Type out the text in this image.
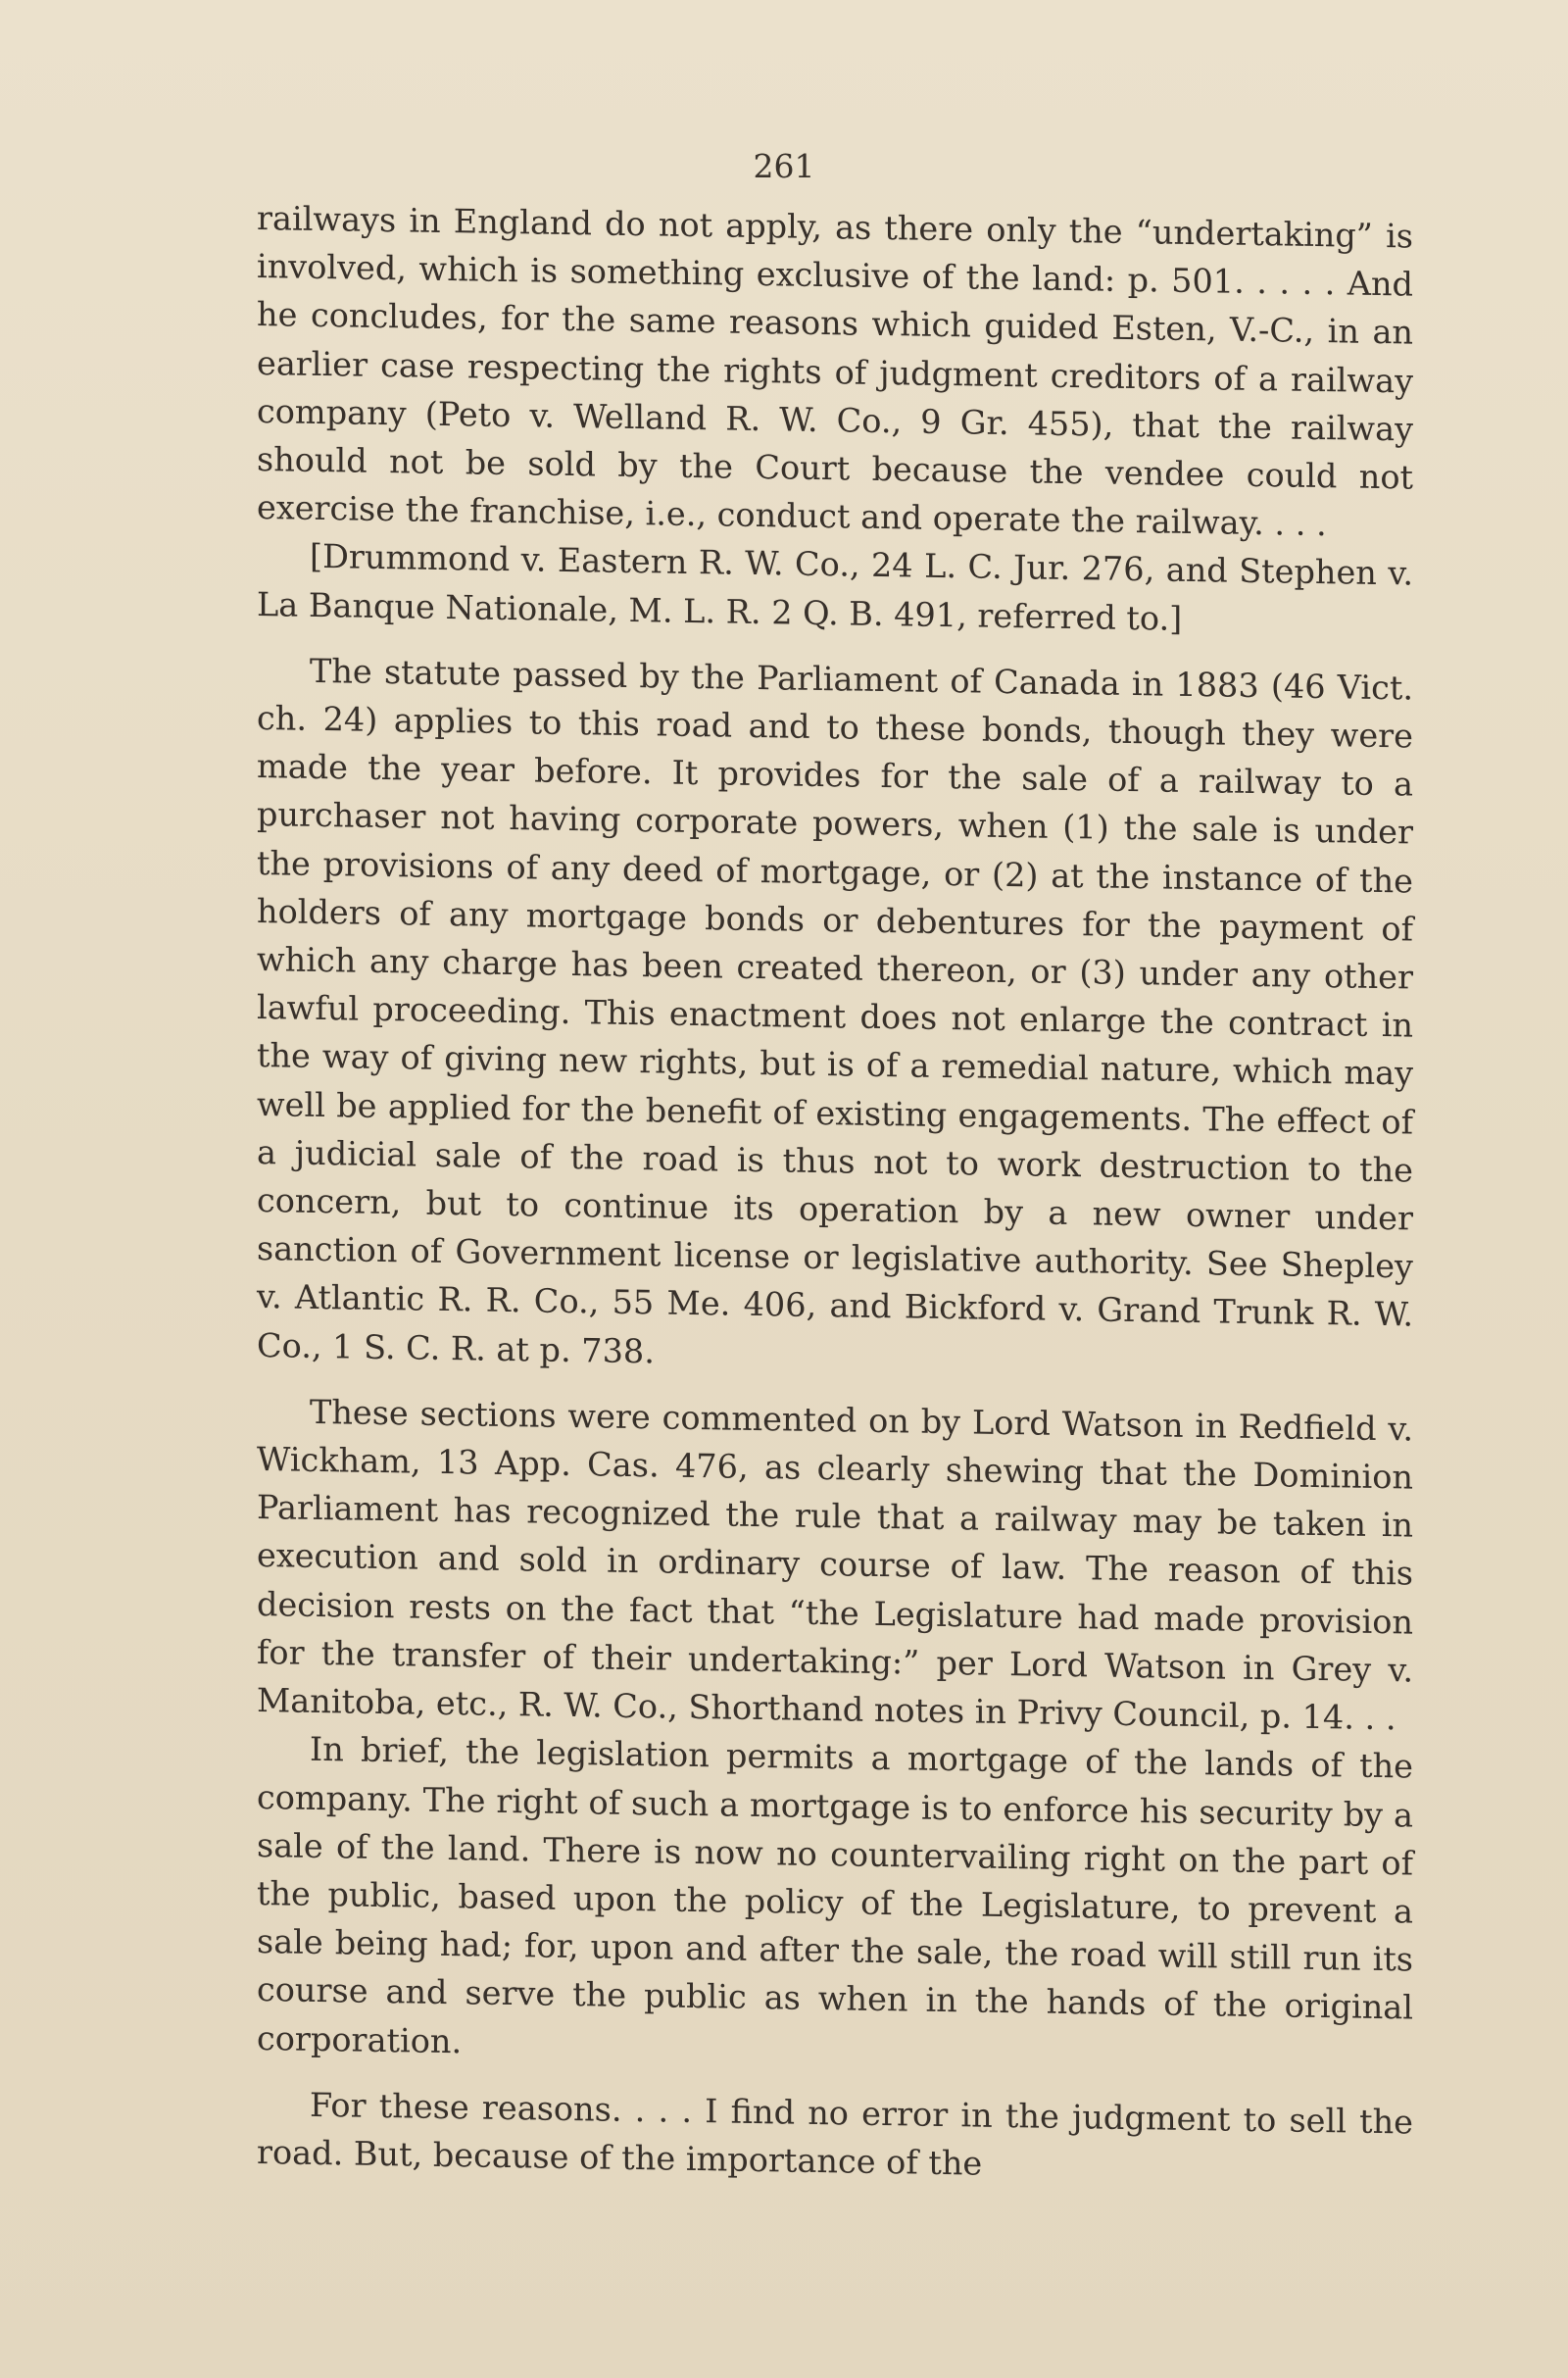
261

railways in England do not apply, as there only the “undertaking” is involved, which is something exclusive of the land: p. 501. . . . . And he concludes, for the same reasons which guided Esten, V.-C., in an earlier case respecting the rights of judgment creditors of a railway company (Peto v. Welland R. W. Co., 9 Gr. 455), that the railway should not be sold by the Court because the vendee could not exercise the franchise, i.e., conduct and operate the railway. . . .

[Drummond v. Eastern R. W. Co., 24 L. C. Jur. 276, and Stephen v. La Banque Nationale, M. L. R. 2 Q. B. 491, referred to.]

The statute passed by the Parliament of Canada in 1883 (46 Vict. ch. 24) applies to this road and to these bonds, though they were made the year before. It provides for the sale of a railway to a purchaser not having corporate powers, when (1) the sale is under the provisions of any deed of mortgage, or (2) at the instance of the holders of any mortgage bonds or debentures for the payment of which any charge has been created thereon, or (3) under any other lawful proceeding. This enactment does not enlarge the contract in the way of giving new rights, but is of a remedial nature, which may well be applied for the benefit of existing engagements. The effect of a judicial sale of the road is thus not to work destruction to the concern, but to continue its operation by a new owner under sanction of Government license or legislative authority. See Shepley v. Atlantic R. R. Co., 55 Me. 406, and Bickford v. Grand Trunk R. W. Co., 1 S. C. R. at p. 738.

These sections were commented on by Lord Watson in Redfield v. Wickham, 13 App. Cas. 476, as clearly shewing that the Dominion Parliament has recognized the rule that a railway may be taken in execution and sold in ordinary course of law. The reason of this decision rests on the fact that “the Legislature had made provision for the transfer of their undertaking:” per Lord Watson in Grey v. Manitoba, etc., R. W. Co., Shorthand notes in Privy Council, p. 14. . .

In brief, the legislation permits a mortgage of the lands of the company. The right of such a mortgage is to enforce his security by a sale of the land. There is now no countervailing right on the part of the public, based upon the policy of the Legislature, to prevent a sale being had; for, upon and after the sale, the road will still run its course and serve the public as when in the hands of the original corporation.

For these reasons. . . . I find no error in the judgment to sell the road. But, because of the importance of the
